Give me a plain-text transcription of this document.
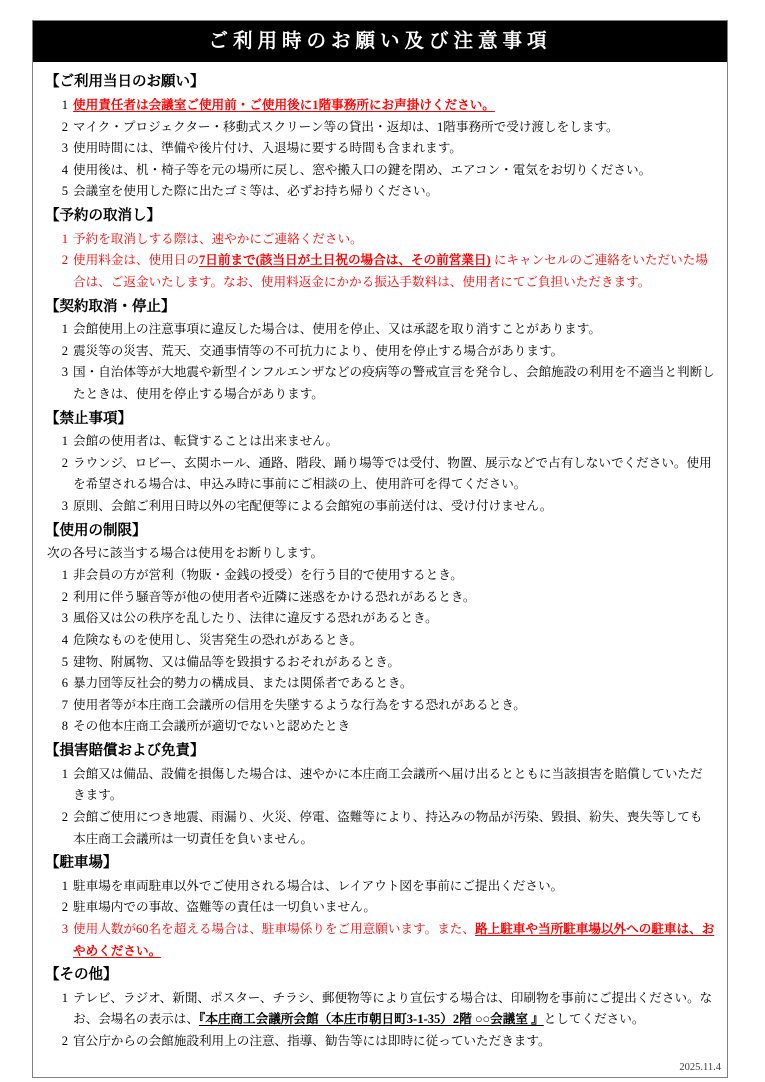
ご利用時のお願い及び注意事項
【ご利用当日のお願い】
1 使用責任者は会議室ご使用前・ご使用後に1階事務所にお声掛けください。
2 マイク・プロジェクター・移動式スクリーン等の貸出・返却は、1階事務所で受け渡しをします。
3 使用時間には、準備や後片付け、入退場に要する時間も含まれます。
4 使用後は、机・椅子等を元の場所に戻し、窓や搬入口の鍵を閉め、エアコン・電気をお切りください。
5 会議室を使用した際に出たゴミ等は、必ずお持ち帰りください。
【予約の取消し】
1 予約を取消しする際は、速やかにご連絡ください。
2 使用料金は、使用日の7日前まで(該当日が土日祝の場合は、その前営業日) にキャンセルのご連絡をいただいた場合は、ご返金いたします。なお、使用料返金にかかる振込手数料は、使用者にてご負担いただきます。
【契約取消・停止】
1 会館使用上の注意事項に違反した場合は、使用を停止、又は承認を取り消すことがあります。
2 震災等の災害、荒天、交通事情等の不可抗力により、使用を停止する場合があります。
3 国・自治体等が大地震や新型インフルエンザなどの疫病等の警戒宣言を発令し、会館施設の利用を不適当と判断したときは、使用を停止する場合があります。
【禁止事項】
1 会館の使用者は、転貸することは出来ません。
2 ラウンジ、ロビー、玄関ホール、通路、階段、踊り場等では受付、物置、展示などで占有しないでください。使用を希望される場合は、申込み時に事前にご相談の上、使用許可を得てください。
3 原則、会館ご利用日時以外の宅配便等による会館宛の事前送付は、受け付けません。
【使用の制限】
次の各号に該当する場合は使用をお断りします。
1 非会員の方が営利（物販・金銭の授受）を行う目的で使用するとき。
2 利用に伴う騒音等が他の使用者や近隣に迷惑をかける恐れがあるとき。
3 風俗又は公の秩序を乱したり、法律に違反する恐れがあるとき。
4 危険なものを使用し、災害発生の恐れがあるとき。
5 建物、附属物、又は備品等を毀損するおそれがあるとき。
6 暴力団等反社会的勢力の構成員、または関係者であるとき。
7 使用者等が本庄商工会議所の信用を失墜するような行為をする恐れがあるとき。
8 その他本庄商工会議所が適切でないと認めたとき
【損害賠償および免責】
1 会館又は備品、設備を損傷した場合は、速やかに本庄商工会議所へ届け出るとともに当該損害を賠償していただきます。
2 会館ご使用につき地震、雨漏り、火災、停電、盗難等により、持込みの物品が汚染、毀損、紛失、喪失等しても本庄商工会議所は一切責任を負いません。
【駐車場】
1 駐車場を車両駐車以外でご使用される場合は、レイアウト図を事前にご提出ください。
2 駐車場内での事故、盗難等の責任は一切負いません。
3 使用人数が60名を超える場合は、駐車場係りをご用意願います。また、路上駐車や当所駐車場以外への駐車は、おやめください。
【その他】
1 テレビ、ラジオ、新聞、ポスター、チラシ、郵便物等により宣伝する場合は、印刷物を事前にご提出ください。なお、会場名の表示は、『本庄商工会議所会館（本庄市朝日町3-1-35）2階 ○○会議室 』としてください。
2 官公庁からの会館施設利用上の注意、指導、勧告等には即時に従っていただきます。
2025.11.4
